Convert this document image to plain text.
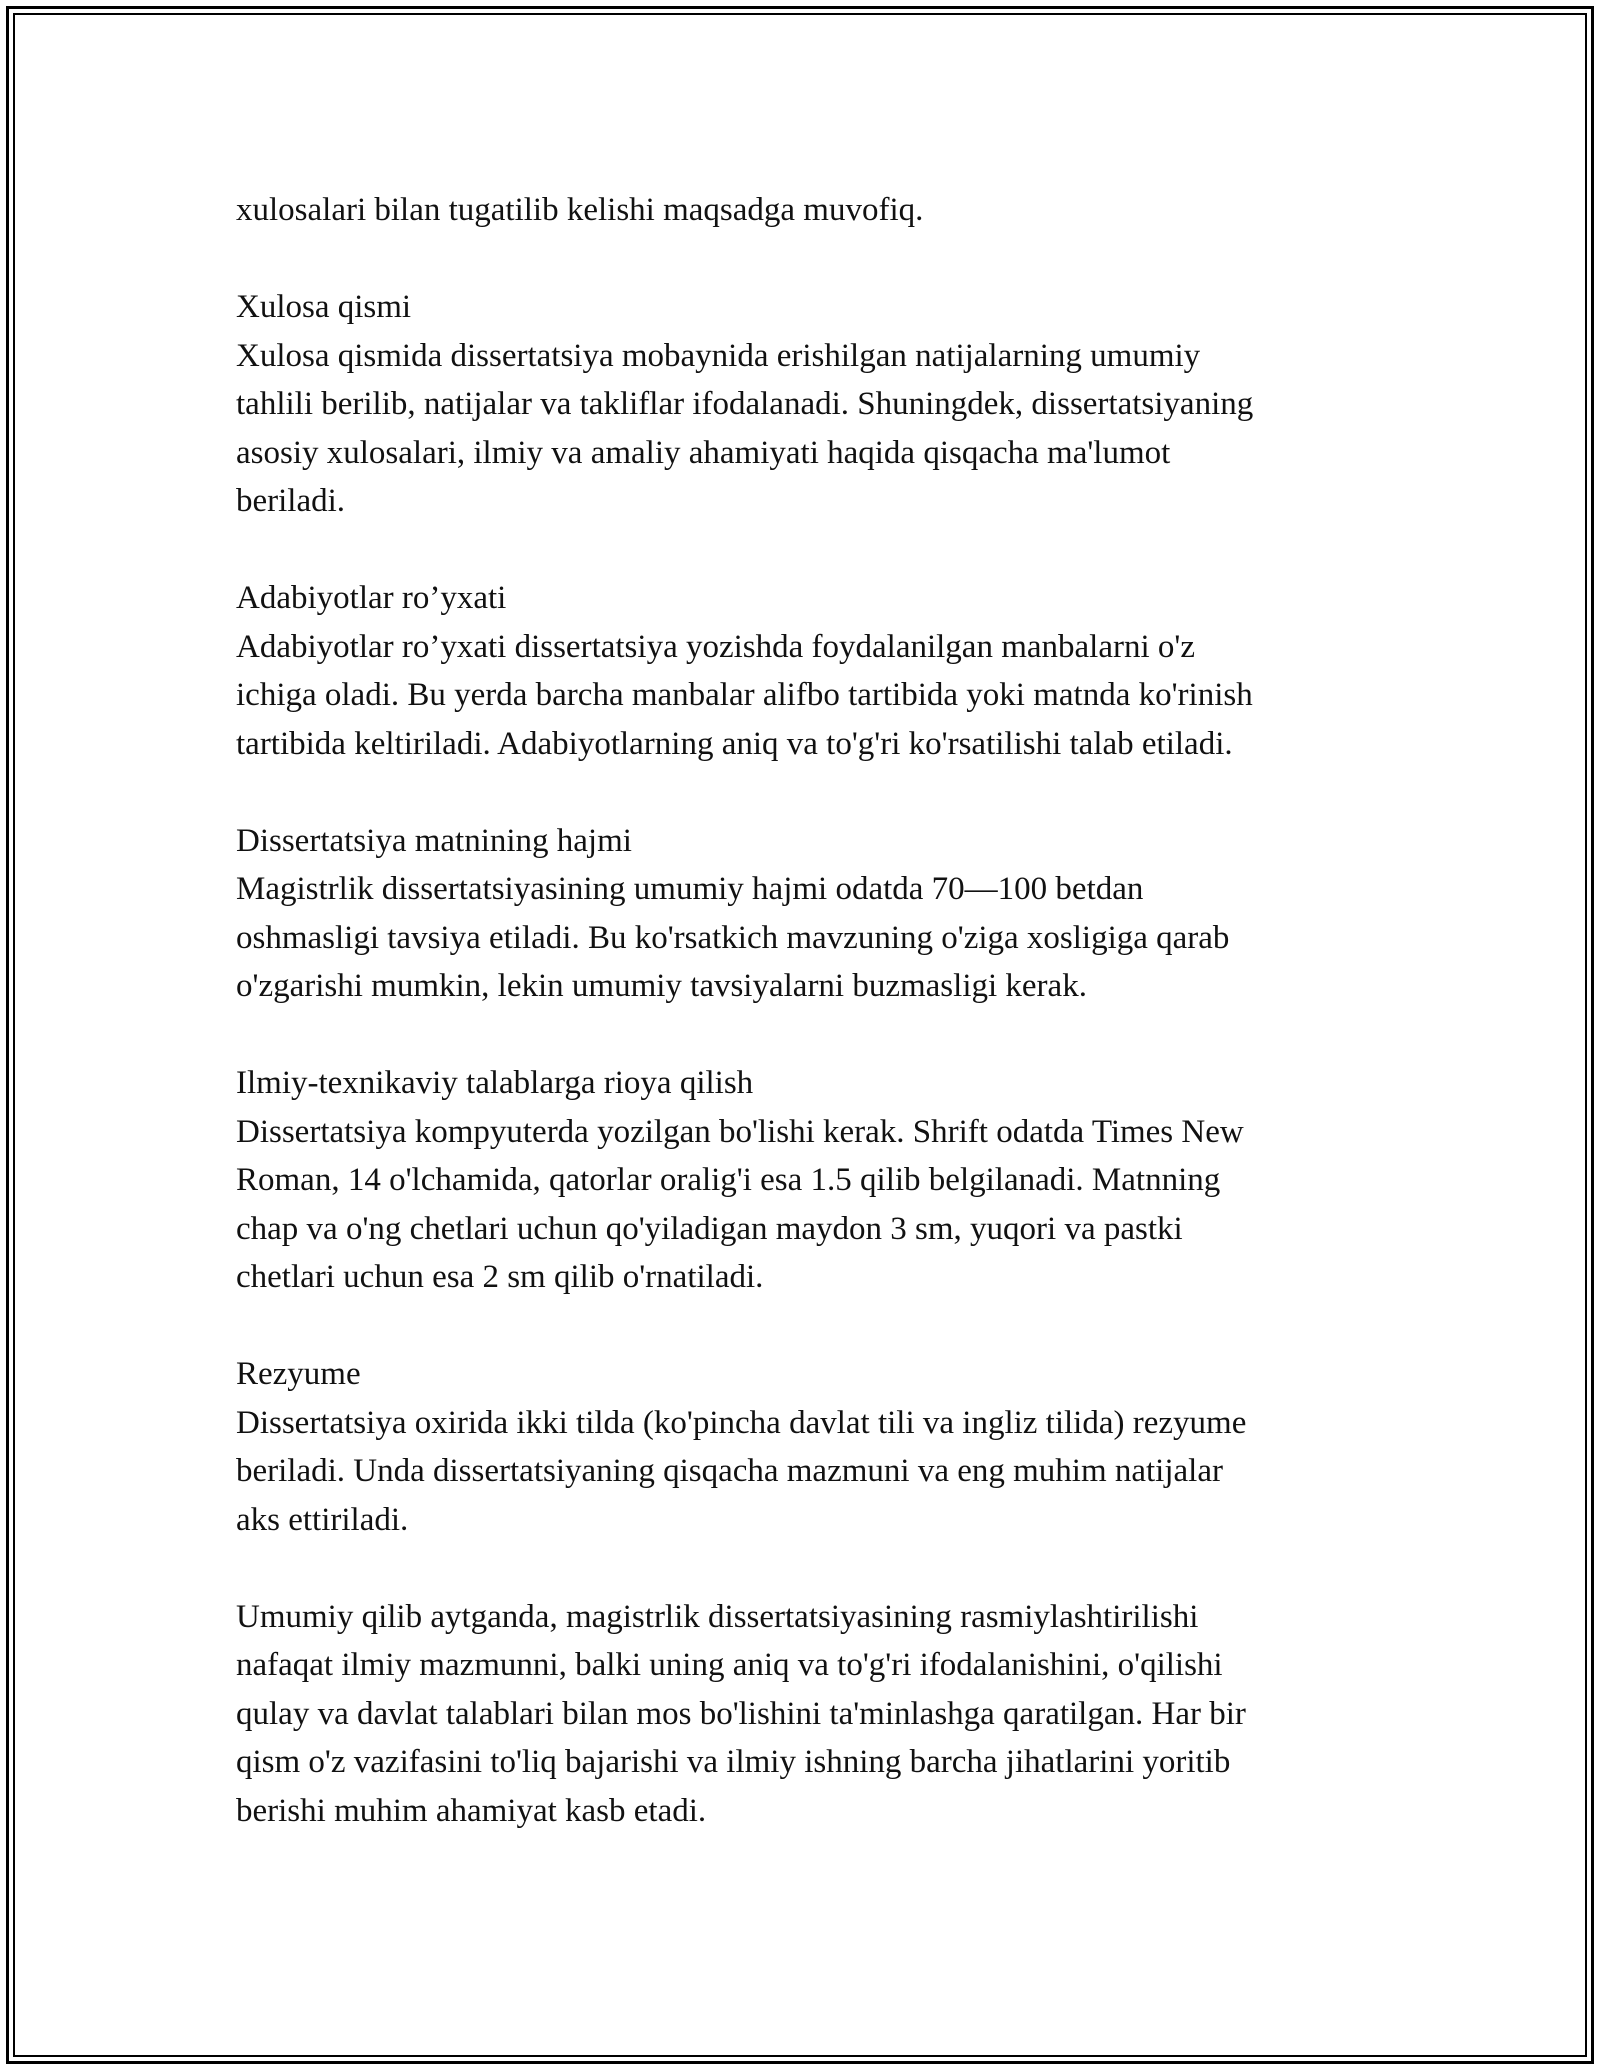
xulosalari bilan tugatilib kelishi maqsadga muvofiq.

Xulosa qismi

Xulosa qismida dissertatsiya mobaynida erishilgan natijalarning umumiy

tahlili berilib, natijalar va takliflar ifodalanadi. Shuningdek, dissertatsiyaning

asosiy xulosalari, ilmiy va amaliy ahamiyati haqida qisqacha ma'lumot

beriladi.

Adabiyotlar ro’yxati

Adabiyotlar ro’yxati dissertatsiya yozishda foydalanilgan manbalarni o'z

ichiga oladi. Bu yerda barcha manbalar alifbo tartibida yoki matnda ko'rinish

tartibida keltiriladi. Adabiyotlarning aniq va to'g'ri ko'rsatilishi talab etiladi.

Dissertatsiya matnining hajmi

Magistrlik dissertatsiyasining umumiy hajmi odatda 70—100 betdan

oshmasligi tavsiya etiladi. Bu ko'rsatkich mavzuning o'ziga xosligiga qarab

o'zgarishi mumkin, lekin umumiy tavsiyalarni buzmasligi kerak.

Ilmiy-texnikaviy talablarga rioya qilish

Dissertatsiya kompyuterda yozilgan bo'lishi kerak. Shrift odatda Times New

Roman, 14 o'lchamida, qatorlar oralig'i esa 1.5 qilib belgilanadi. Matnning

chap va o'ng chetlari uchun qo'yiladigan maydon 3 sm, yuqori va pastki

chetlari uchun esa 2 sm qilib o'rnatiladi.

Rezyume

Dissertatsiya oxirida ikki tilda (ko'pincha davlat tili va ingliz tilida) rezyume

beriladi. Unda dissertatsiyaning qisqacha mazmuni va eng muhim natijalar

aks ettiriladi.

Umumiy qilib aytganda, magistrlik dissertatsiyasining rasmiylashtirilishi

nafaqat ilmiy mazmunni, balki uning aniq va to'g'ri ifodalanishini, o'qilishi

qulay va davlat talablari bilan mos bo'lishini ta'minlashga qaratilgan. Har bir

qism o'z vazifasini to'liq bajarishi va ilmiy ishning barcha jihatlarini yoritib

berishi muhim ahamiyat kasb etadi.
